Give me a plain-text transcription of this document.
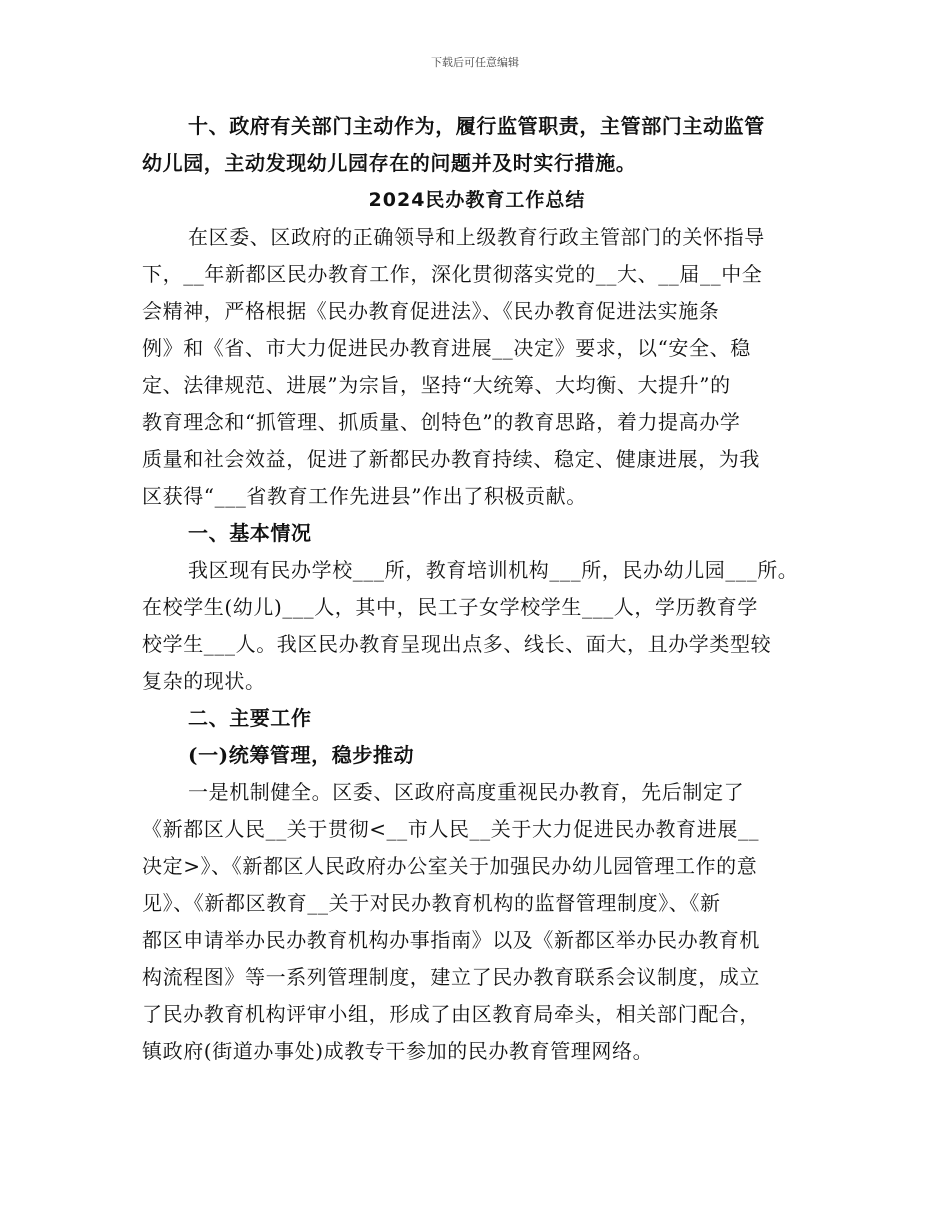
下载后可任意编辑
十、政府有关部门主动作为，履行监管职责，主管部门主动监管
幼儿园，主动发现幼儿园存在的问题并及时实行措施。
2024民办教育工作总结
在区委、区政府的正确领导和上级教育行政主管部门的关怀指导
下，__年新都区民办教育工作，深化贯彻落实党的__大、__届__中全
会精神，严格根据《民办教育促进法》、《民办教育促进法实施条
例》和《省、市大力促进民办教育进展__决定》要求，以“安全、稳
定、法律规范、进展”为宗旨，坚持“大统筹、大均衡、大提升”的
教育理念和“抓管理、抓质量、创特色”的教育思路，着力提高办学
质量和社会效益，促进了新都民办教育持续、稳定、健康进展，为我
区获得“___省教育工作先进县”作出了积极贡献。
一、基本情况
我区现有民办学校___所，教育培训机构___所，民办幼儿园___所。
在校学生(幼儿)___人，其中，民工子女学校学生___人，学历教育学
校学生___人。我区民办教育呈现出点多、线长、面大，且办学类型较
复杂的现状。
二、主要工作
(一)统筹管理，稳步推动
一是机制健全。区委、区政府高度重视民办教育，先后制定了
《新都区人民__关于贯彻<__市人民__关于大力促进民办教育进展__
决定>》、《新都区人民政府办公室关于加强民办幼儿园管理工作的意
见》、《新都区教育__关于对民办教育机构的监督管理制度》、《新
都区申请举办民办教育机构办事指南》以及《新都区举办民办教育机
构流程图》等一系列管理制度，建立了民办教育联系会议制度，成立
了民办教育机构评审小组，形成了由区教育局牵头，相关部门配合，
镇政府(街道办事处)成教专干参加的民办教育管理网络。
